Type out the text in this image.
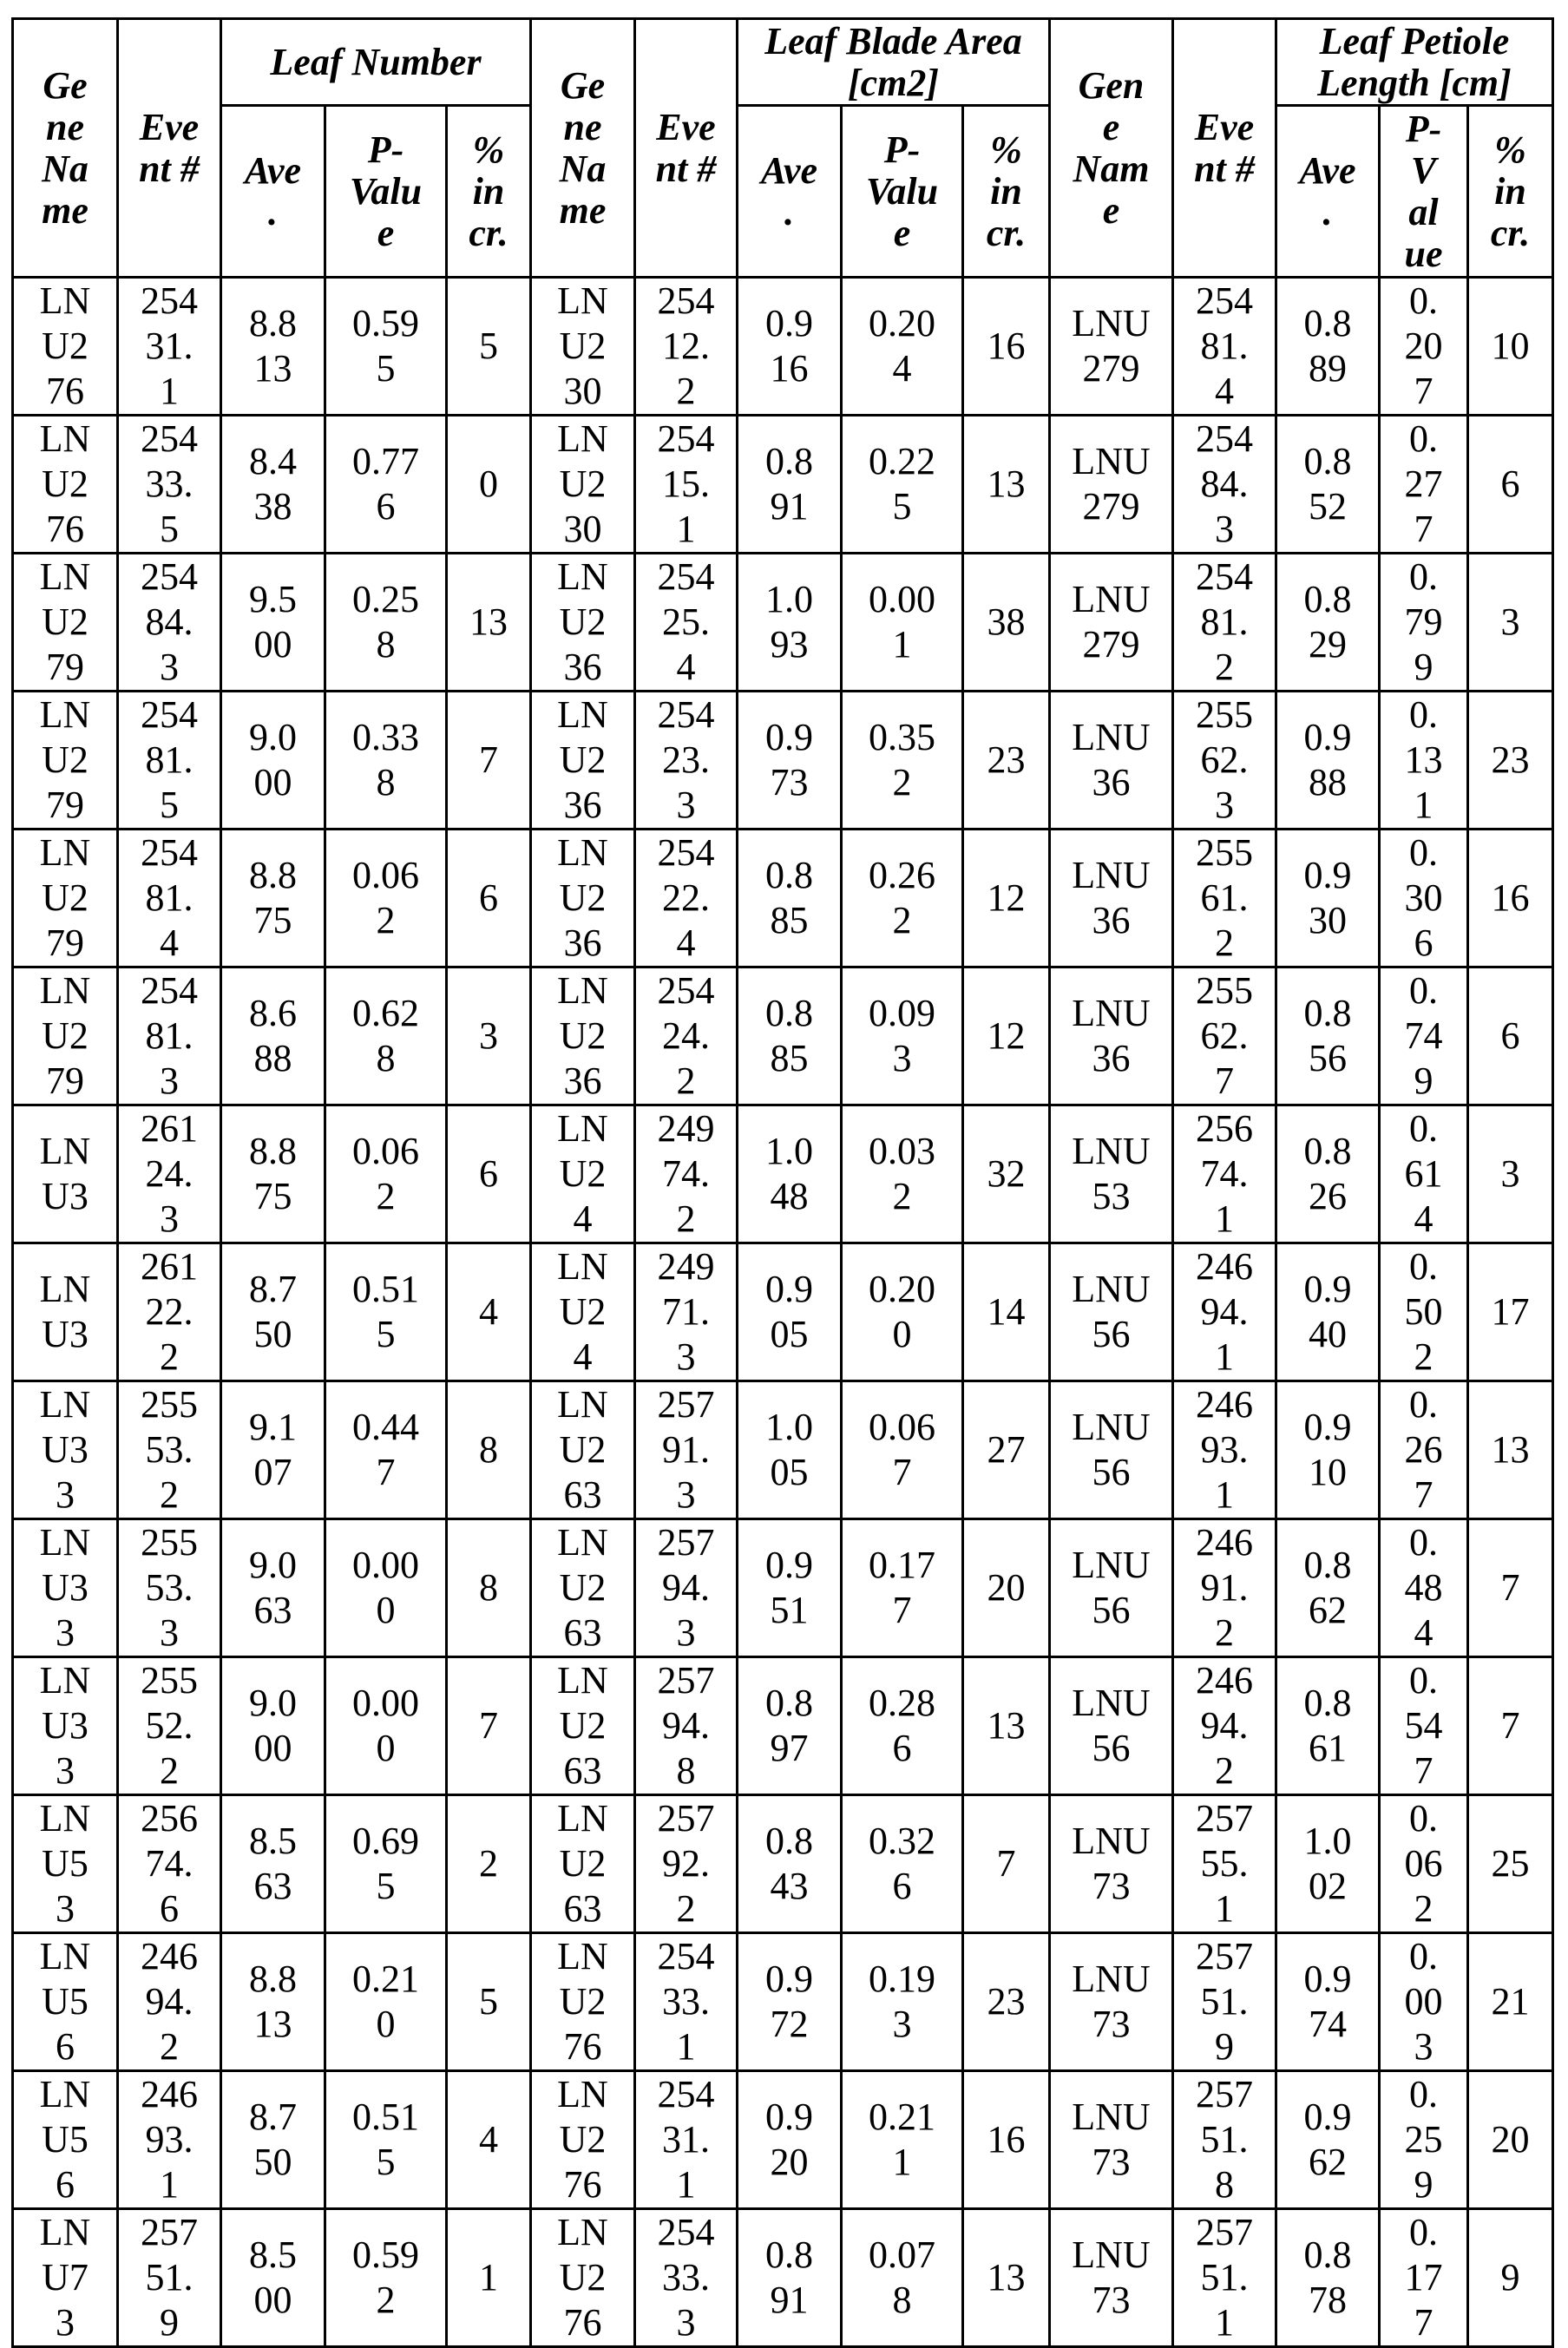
Ge
ne
Na
me	Eve
nt #	Leaf Number			Ge
ne
Na
me	Eve
nt #	Leaf Blade Area
[cm2]			Gen
e
Nam
e	Eve
nt #	Leaf Petiole
Length [cm]		

		Ave
.	P-
Valu
e	%
in
cr.			Ave
.	P-
Valu
e	%
in
cr.			Ave
.	P-
V
al
ue	%
in
cr.

LN
U2
76	254
31.
1	8.8
13	0.59
5	5	LN
U2
30	254
12.
2	0.9
16	0.20
4	16	LNU
279	254
81.
4	0.8
89	0.
20
7	10

LN
U2
76	254
33.
5	8.4
38	0.77
6	0	LN
U2
30	254
15.
1	0.8
91	0.22
5	13	LNU
279	254
84.
3	0.8
52	0.
27
7	6

LN
U2
79	254
84.
3	9.5
00	0.25
8	13	LN
U2
36	254
25.
4	1.0
93	0.00
1	38	LNU
279	254
81.
2	0.8
29	0.
79
9	3

LN
U2
79	254
81.
5	9.0
00	0.33
8	7	LN
U2
36	254
23.
3	0.9
73	0.35
2	23	LNU
36	255
62.
3	0.9
88	0.
13
1	23

LN
U2
79	254
81.
4	8.8
75	0.06
2	6	LN
U2
36	254
22.
4	0.8
85	0.26
2	12	LNU
36	255
61.
2	0.9
30	0.
30
6	16

LN
U2
79	254
81.
3	8.6
88	0.62
8	3	LN
U2
36	254
24.
2	0.8
85	0.09
3	12	LNU
36	255
62.
7	0.8
56	0.
74
9	6

LN
U3	261
24.
3	8.8
75	0.06
2	6	LN
U2
4	249
74.
2	1.0
48	0.03
2	32	LNU
53	256
74.
1	0.8
26	0.
61
4	3

LN
U3	261
22.
2	8.7
50	0.51
5	4	LN
U2
4	249
71.
3	0.9
05	0.20
0	14	LNU
56	246
94.
1	0.9
40	0.
50
2	17

LN
U3
3	255
53.
2	9.1
07	0.44
7	8	LN
U2
63	257
91.
3	1.0
05	0.06
7	27	LNU
56	246
93.
1	0.9
10	0.
26
7	13

LN
U3
3	255
53.
3	9.0
63	0.00
0	8	LN
U2
63	257
94.
3	0.9
51	0.17
7	20	LNU
56	246
91.
2	0.8
62	0.
48
4	7

LN
U3
3	255
52.
2	9.0
00	0.00
0	7	LN
U2
63	257
94.
8	0.8
97	0.28
6	13	LNU
56	246
94.
2	0.8
61	0.
54
7	7

LN
U5
3	256
74.
6	8.5
63	0.69
5	2	LN
U2
63	257
92.
2	0.8
43	0.32
6	7	LNU
73	257
55.
1	1.0
02	0.
06
2	25

LN
U5
6	246
94.
2	8.8
13	0.21
0	5	LN
U2
76	254
33.
1	0.9
72	0.19
3	23	LNU
73	257
51.
9	0.9
74	0.
00
3	21

LN
U5
6	246
93.
1	8.7
50	0.51
5	4	LN
U2
76	254
31.
1	0.9
20	0.21
1	16	LNU
73	257
51.
8	0.9
62	0.
25
9	20

LN
U7
3	257
51.
9	8.5
00	0.59
2	1	LN
U2
76	254
33.
3	0.8
91	0.07
8	13	LNU
73	257
51.
1	0.8
78	0.
17
7	9
